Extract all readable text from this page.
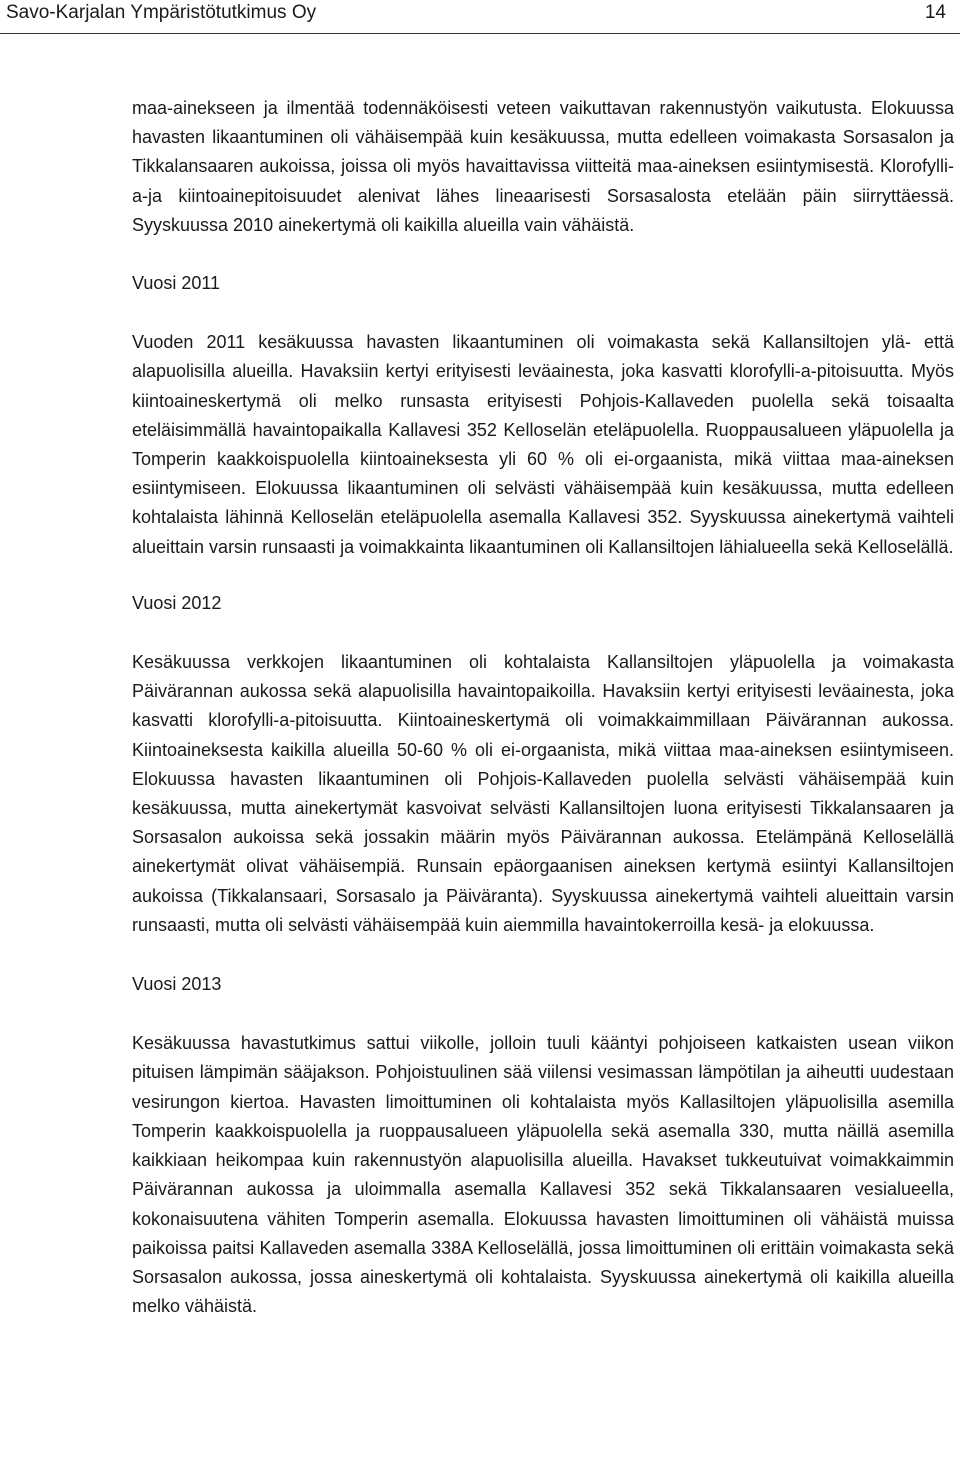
Savo-Karjalan Ympäristötutkimus Oy	14

maa-ainekseen ja ilmentää todennäköisesti veteen vaikuttavan rakennustyön vaikutusta. Elokuussa havasten likaantuminen oli vähäisempää kuin kesäkuussa, mutta edelleen voimakasta Sorsasalon ja Tikkalansaaren aukoissa, joissa oli myös havaittavissa viitteitä maa-aineksen esiintymisestä. Klorofylli-a-ja kiintoainepitoisuudet alenivat lähes lineaarisesti Sorsasalosta etelään päin siirryttäessä. Syyskuussa 2010 ainekertymä oli kaikilla alueilla vain vähäistä.

Vuosi 2011

Vuoden 2011 kesäkuussa havasten likaantuminen oli voimakasta sekä Kallansiltojen ylä- että alapuolisilla alueilla. Havaksiin kertyi erityisesti leväainesta, joka kasvatti klorofylli-a-pitoisuutta. Myös kiintoaineskertymä oli melko runsasta erityisesti Pohjois-Kallaveden puolella sekä toisaalta eteläisimmällä havaintopaikalla Kallavesi 352 Kelloselän eteläpuolella. Ruoppausalueen yläpuolella ja Tomperin kaakkoispuolella kiintoaineksesta yli 60 % oli ei-orgaanista, mikä viittaa maa-aineksen esiintymiseen. Elokuussa likaantuminen oli selvästi vähäisempää kuin kesäkuussa, mutta edelleen kohtalaista lähinnä Kelloselän eteläpuolella asemalla Kallavesi 352. Syyskuussa ainekertymä vaihteli alueittain varsin runsaasti ja voimakkainta likaantuminen oli Kallansiltojen lähialueella sekä Kelloselällä.

Vuosi 2012

Kesäkuussa verkkojen likaantuminen oli kohtalaista Kallansiltojen yläpuolella ja voimakasta Päivärannan aukossa sekä alapuolisilla havaintopaikoilla. Havaksiin kertyi erityisesti leväainesta, joka kasvatti klorofylli-a-pitoisuutta. Kiintoaineskertymä oli voimakkaimmillaan Päivärannan aukossa. Kiintoaineksesta kaikilla alueilla 50-60 % oli ei-orgaanista, mikä viittaa maa-aineksen esiintymiseen. Elokuussa havasten likaantuminen oli Pohjois-Kallaveden puolella selvästi vähäisempää kuin kesäkuussa, mutta ainekertymät kasvoivat selvästi Kallansiltojen luona erityisesti Tikkalansaaren ja Sorsasalon aukoissa sekä jossakin määrin myös Päivärannan aukossa. Etelämpänä Kelloselällä ainekertymät olivat vähäisempiä. Runsain epäorgaanisen aineksen kertymä esiintyi Kallansiltojen aukoissa (Tikkalansaari, Sorsasalo ja Päiväranta). Syyskuussa ainekertymä vaihteli alueittain varsin runsaasti, mutta oli selvästi vähäisempää kuin aiemmilla havaintokerroilla kesä- ja elokuussa.

Vuosi 2013

Kesäkuussa havastutkimus sattui viikolle, jolloin tuuli kääntyi pohjoiseen katkaisten usean viikon pituisen lämpimän sääjakson. Pohjoistuulinen sää viilensi vesimassan lämpötilan ja aiheutti uudestaan vesirungon kiertoa. Havasten limoittuminen oli kohtalaista myös Kallasiltojen yläpuolisilla asemilla Tomperin kaakkoispuolella ja ruoppausalueen yläpuolella sekä asemalla 330, mutta näillä asemilla kaikkiaan heikompaa kuin rakennustyön alapuolisilla alueilla. Havakset tukkeutuivat voimakkaimmin Päivärannan aukossa ja uloimmalla asemalla Kallavesi 352 sekä Tikkalansaaren vesialueella, kokonaisuutena vähiten Tomperin asemalla. Elokuussa havasten limoittuminen oli vähäistä muissa paikoissa paitsi Kallaveden asemalla 338A Kelloselällä, jossa limoittuminen oli erittäin voimakasta sekä Sorsasalon aukossa, jossa aineskertymä oli kohtalaista. Syyskuussa ainekertymä oli kaikilla alueilla melko vähäistä.
